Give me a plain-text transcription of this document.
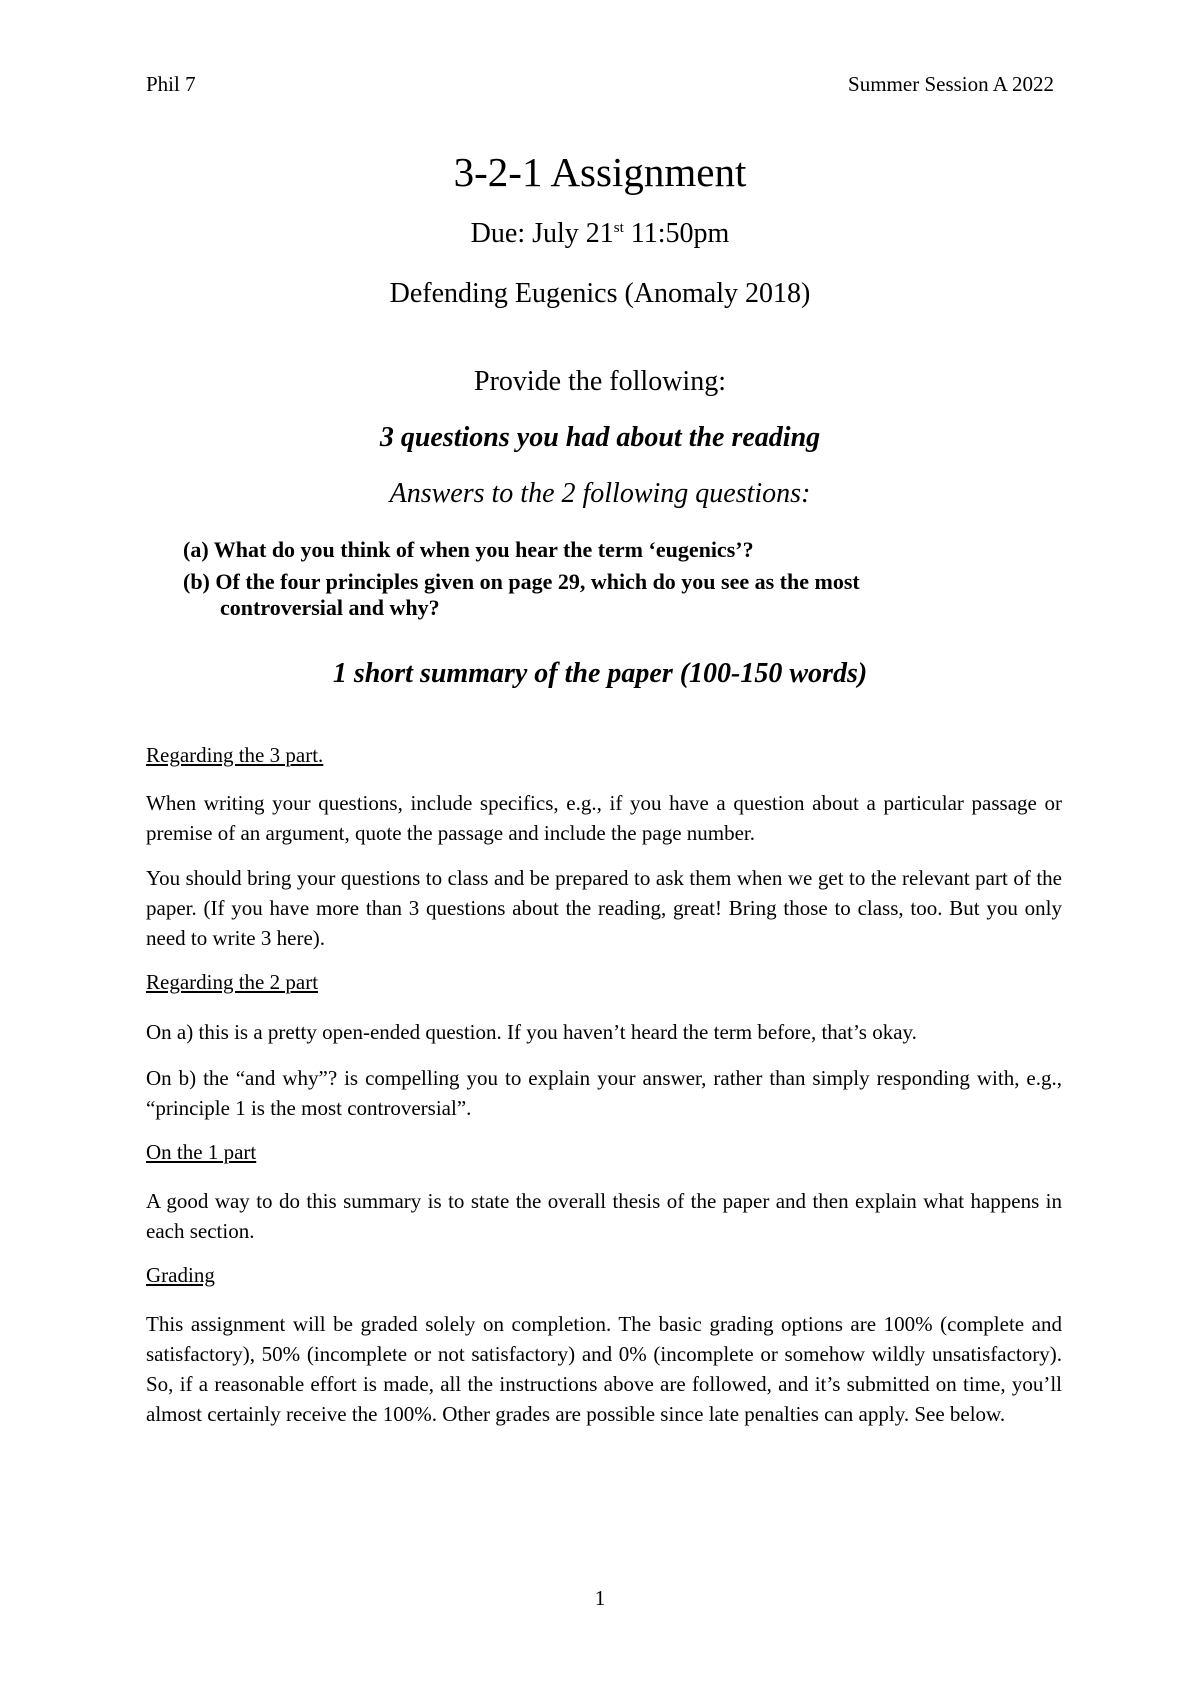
Phil 7	Summer Session A 2022
3-2-1 Assignment
Due: July 21st 11:50pm
Defending Eugenics (Anomaly 2018)
Provide the following:
3 questions you had about the reading
Answers to the 2 following questions:
(a) What do you think of when you hear the term ‘eugenics’?
(b) Of the four principles given on page 29, which do you see as the most
controversial and why?
1 short summary of the paper (100-150 words)
Regarding the 3 part.
When writing your questions, include specifics, e.g., if you have a question about a particular passage or premise of an argument, quote the passage and include the page number.
You should bring your questions to class and be prepared to ask them when we get to the relevant part of the paper. (If you have more than 3 questions about the reading, great! Bring those to class, too. But you only need to write 3 here).
Regarding the 2 part
On a) this is a pretty open-ended question. If you haven’t heard the term before, that’s okay.
On b) the “and why”? is compelling you to explain your answer, rather than simply responding with, e.g., “principle 1 is the most controversial”.
On the 1 part
A good way to do this summary is to state the overall thesis of the paper and then explain what happens in each section.
Grading
This assignment will be graded solely on completion. The basic grading options are 100% (complete and satisfactory), 50% (incomplete or not satisfactory) and 0% (incomplete or somehow wildly unsatisfactory). So, if a reasonable effort is made, all the instructions above are followed, and it’s submitted on time, you’ll almost certainly receive the 100%. Other grades are possible since late penalties can apply. See below.
1
